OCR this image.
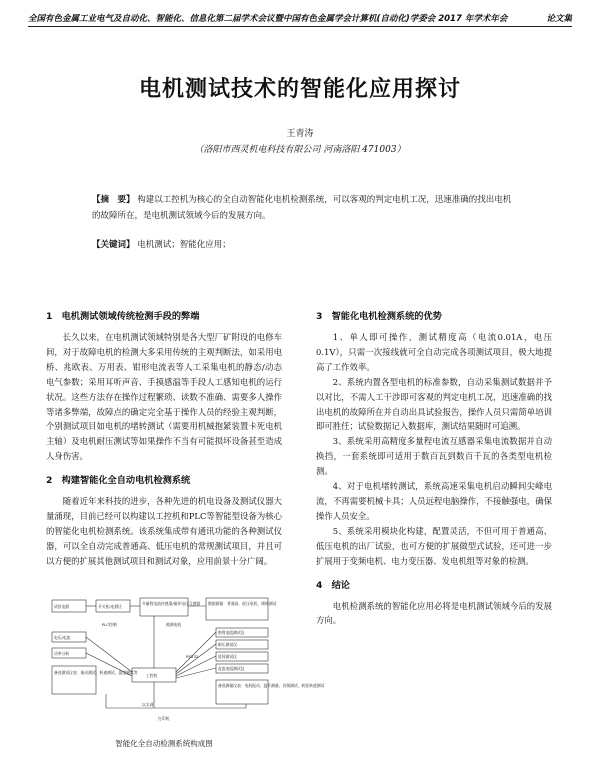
全国有色金属工业电气及自动化、智能化、信息化第二届学术会议暨中国有色金属学会计算机(自动化)学委会 2017 年学术年会	论文集
电机测试技术的智能化应用探讨
王青涛
（洛阳市西灵机电科技有限公司 河南洛阳 471003）
【摘　要】 构建以工控机为核心的全自动智能化电机检测系统，可以客观的判定电机工况，迅速准确的找出电机的故障所在，是电机测试领域今后的发展方向。
【关键词】 电机测试；智能化应用；
1　电机测试领域传统检测手段的弊端

长久以来，在电机测试领域特别是各大型厂矿附设的电修车间，对于故障电机的检测大多采用传统的主观判断法，如采用电桥、兆欧表、万用表、钳形电流表等人工采集电机的静态/动态电气参数；采用耳听声音、手摸感温等手段人工感知电机的运行状况。这些方法存在操作过程繁琐、读数不准确、需要多人操作等诸多弊端，故障点的确定完全基于操作人员的经验主观判断，个别测试项目如电机的堵转测试（需要用机械抱紧装置卡死电机主轴）及电机耐压测试等如果操作不当有可能损坏设备甚至造成人身伤害。

2　构建智能化全自动电机检测系统

随着近年来科技的进步，各种先进的机电设备及测试仪器大量涌现，目前已经可以构建以工控机和PLC等智能型设备为核心的智能化电机检测系统。该系统集成带有通讯功能的各种测试仪器，可以全自动完成普通高、低压电机的常规测试项目，并且可以方便的扩展其他测试项目和测试对象，应用前景十分广阔。

3　智能化电机检测系统的优势

1、单人即可操作，测试精度高（电流0.01A，电压0.1V），只需一次接线就可全自动完成各项测试项目，极大地提高了工作效率。

2、系统内置各型电机的标准参数，自动采集测试数据并予以对比，不需人工干涉即可客观的判定电机工况，迅速准确的找出电机的故障所在并自动出具试验报告，操作人员只需简单培训即可胜任；试验数据记入数据库，测试结果随时可追溯。

3、系统采用高精度多量程电流互感器采集电流数据并自动换挡，一套系统即可适用于数百瓦到数百千瓦的各类型电机检测。

4、对于电机堵转测试，系统高速采集电机启动瞬间尖峰电流，不再需要机械卡具；人员远程电脑操作，不接触强电，确保操作人员安全。

5、系统采用模块化构建，配置灵活，不但可用于普通高、低压电机的出厂试验，也可方便的扩展做型式试验，还可进一步扩展用于变频电机、电力变压器、发电机组等对象的检测。

4　结论

电机检测系统的智能化应用必将是电机测试领域今后的发展方向。

试验电源	开关柜/电源区
多量程电流传感器/操作电压互感器 数据测量：普通高、低压电机，堵转测试
电压/电流
功率分析
备选测试仪表：振动测试、转速测试、温度测试等
工控机
绝缘电阻测试仪
耐压测试仪
匝间测试仪
直流电阻测试仪
备选测量仪表：电机振动、温升测量、音频测试、转矩转速测试
以太网
PLC控制	被测电机
RS232
打印机
智能化全自动检测系统构成图
